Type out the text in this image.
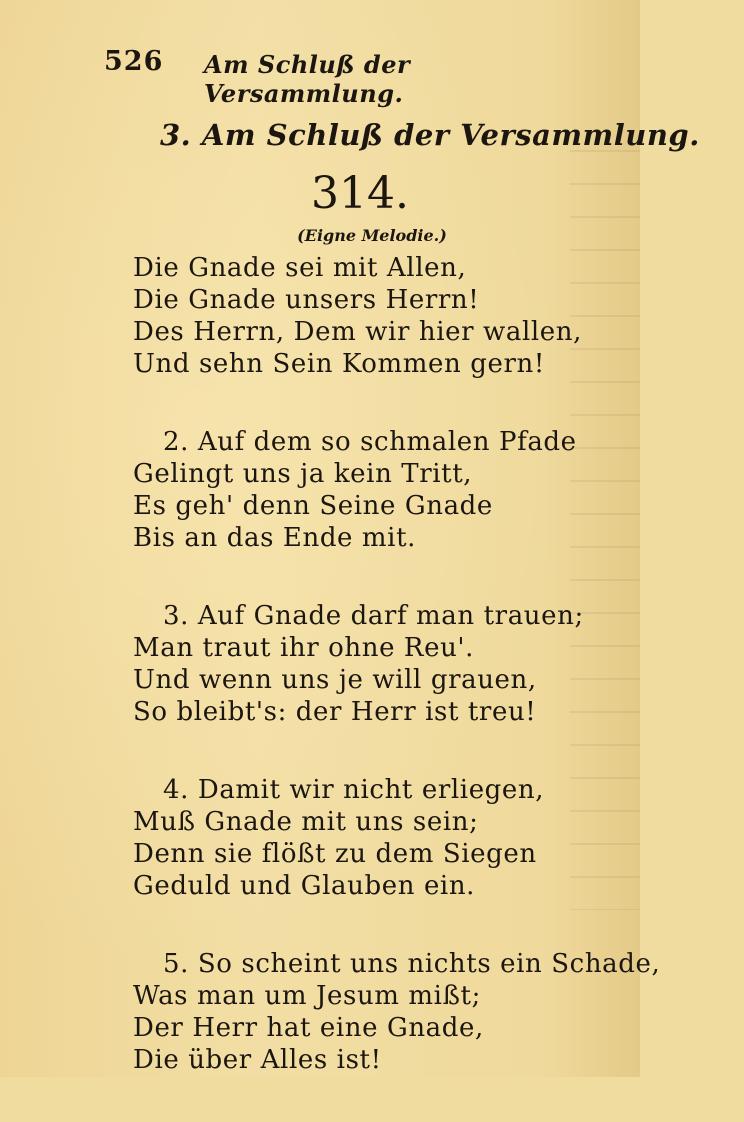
526 Am Schluß der Versammlung.
3. Am Schluß der Versammlung.
314.
(Eigne Melodie.)
Die Gnade sei mit Allen,
Die Gnade unsers Herrn!
Des Herrn, Dem wir hier wallen,
Und sehn Sein Kommen gern!
2. Auf dem so schmalen Pfade
Gelingt uns ja kein Tritt,
Es geh' denn Seine Gnade
Bis an das Ende mit.
3. Auf Gnade darf man trauen;
Man traut ihr ohne Reu'.
Und wenn uns je will grauen,
So bleibt's: der Herr ist treu!
4. Damit wir nicht erliegen,
Muß Gnade mit uns sein;
Denn sie flößt zu dem Siegen
Geduld und Glauben ein.
5. So scheint uns nichts ein Schade,
Was man um Jesum mißt;
Der Herr hat eine Gnade,
Die über Alles ist!
